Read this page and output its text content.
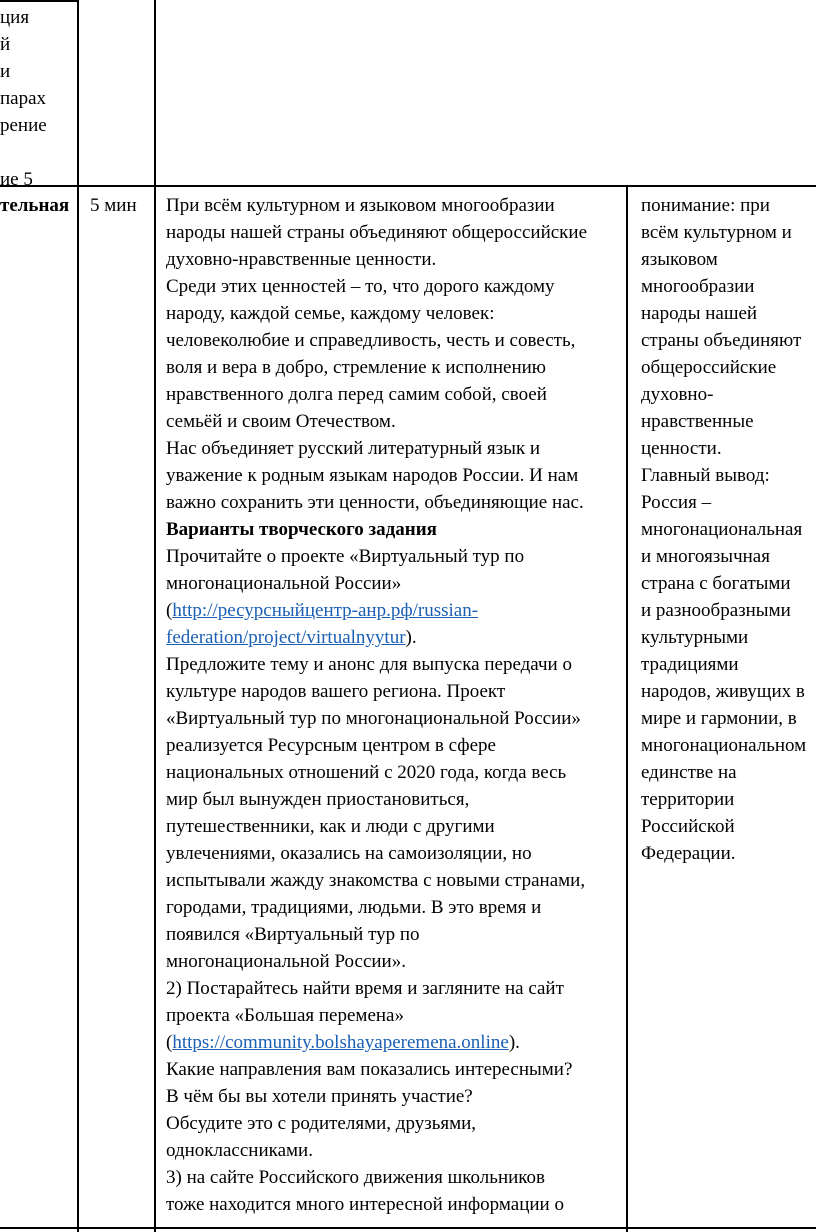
ция

й

и

парах

рение

ие 5

тельная	5 мин При всём культурном и языковом многообразии

народы нашей страны объединяют общероссийские

духовно-нравственные ценности.

Среди этих ценностей – то, что дорого каждому

народу, каждой семье, каждому человек:

человеколюбие и справедливость, честь и совесть,

воля и вера в добро, стремление к исполнению

нравственного долга перед самим собой, своей

семьёй и своим Отечеством.

Нас объединяет русский литературный язык и

уважение к родным языкам народов России. И нам

важно сохранить эти ценности, объединяющие нас.

Варианты творческого задания

Прочитайте о проекте «Виртуальный тур по

многонациональной России»

(http://ресурсныйцентр-анр.рф/russian-

federation/project/virtualnyytur).

Предложите тему и анонс для выпуска передачи о

культуре народов вашего региона. Проект

«Виртуальный тур по многонациональной России»

реализуется Ресурсным центром в сфере

национальных отношений с 2020 года, когда весь

мир был вынужден приостановиться,

путешественники, как и люди с другими

увлечениями, оказались на самоизоляции, но

испытывали жажду знакомства с новыми странами,

городами, традициями, людьми. В это время и

появился «Виртуальный тур по

многонациональной России».

2) Постарайтесь найти время и загляните на сайт

проекта «Большая перемена»

(https://community.bolshayaperemena.online).

Какие направления вам показались интересными?

В чём бы вы хотели принять участие?

Обсудите это с родителями, друзьями,

одноклассниками.

3) на сайте Российского движения школьников

тоже находится много интересной информации о

понимание: при

всём культурном и

языковом

многообразии

народы нашей

страны объединяют

общероссийские

духовно-

нравственные

ценности.

Главный вывод:

Россия –

многонациональная

и многоязычная

страна с богатыми

и разнообразными

культурными

традициями

народов, живущих в

мире и гармонии, в

многонациональном

единстве на

территории

Российской

Федерации.
